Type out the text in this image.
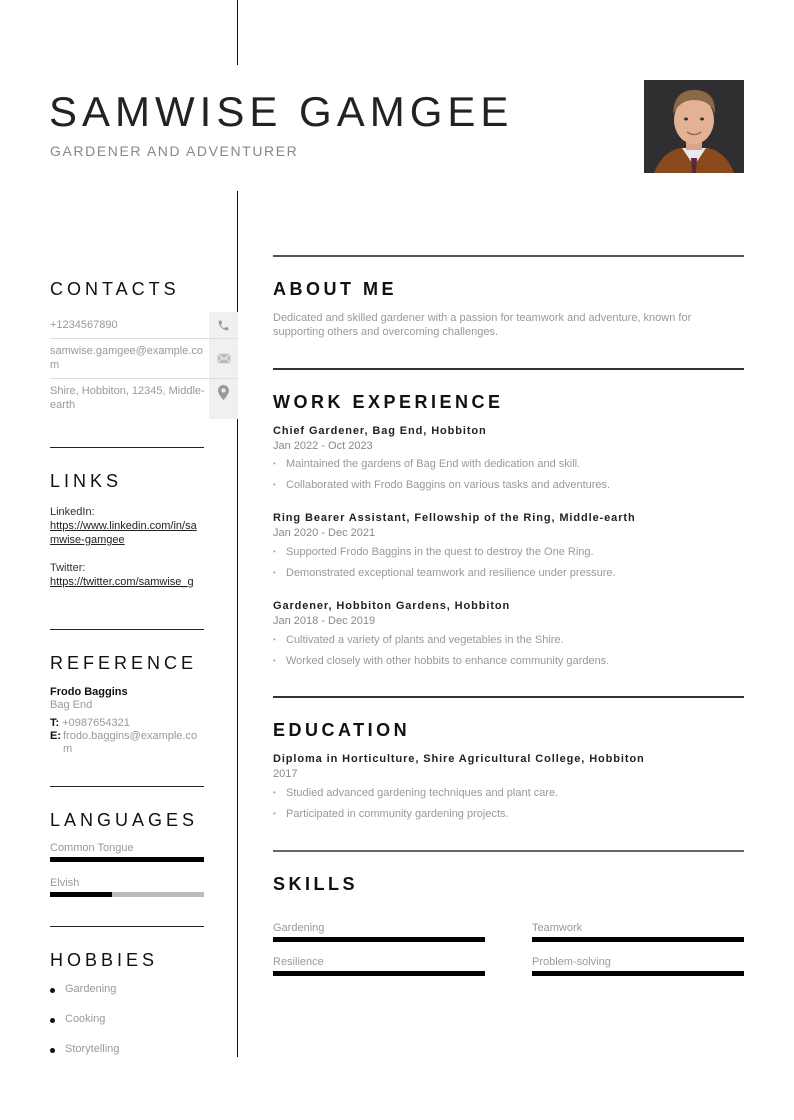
SAMWISE GAMGEE
GARDENER AND ADVENTURER
CONTACTS
+1234567890
samwise.gamgee@example.com
Shire, Hobbiton, 12345, Middle-earth
LINKS
LinkedIn:
https://www.linkedin.com/in/samwise-gamgee
Twitter:
https://twitter.com/samwise_g
REFERENCE
Frodo Baggins
Bag End
T: +0987654321
E: frodo.baggins@example.com
LANGUAGES
Common Tongue
Elvish
HOBBIES
Gardening
Cooking
Storytelling
ABOUT ME

Dedicated and skilled gardener with a passion for teamwork and adventure, known for supporting others and overcoming challenges.

WORK EXPERIENCE
Chief Gardener, Bag End, Hobbiton
Jan 2022 - Oct 2023
• Maintained the gardens of Bag End with dedication and skill.
• Collaborated with Frodo Baggins on various tasks and adventures.
Ring Bearer Assistant, Fellowship of the Ring, Middle-earth
Jan 2020 - Dec 2021
• Supported Frodo Baggins in the quest to destroy the One Ring.
• Demonstrated exceptional teamwork and resilience under pressure.
Gardener, Hobbiton Gardens, Hobbiton
Jan 2018 - Dec 2019
• Cultivated a variety of plants and vegetables in the Shire.
• Worked closely with other hobbits to enhance community gardens.
EDUCATION
Diploma in Horticulture, Shire Agricultural College, Hobbiton
2017
• Studied advanced gardening techniques and plant care.
• Participated in community gardening projects.
SKILLS
Gardening	Teamwork
Resilience	Problem-solving
